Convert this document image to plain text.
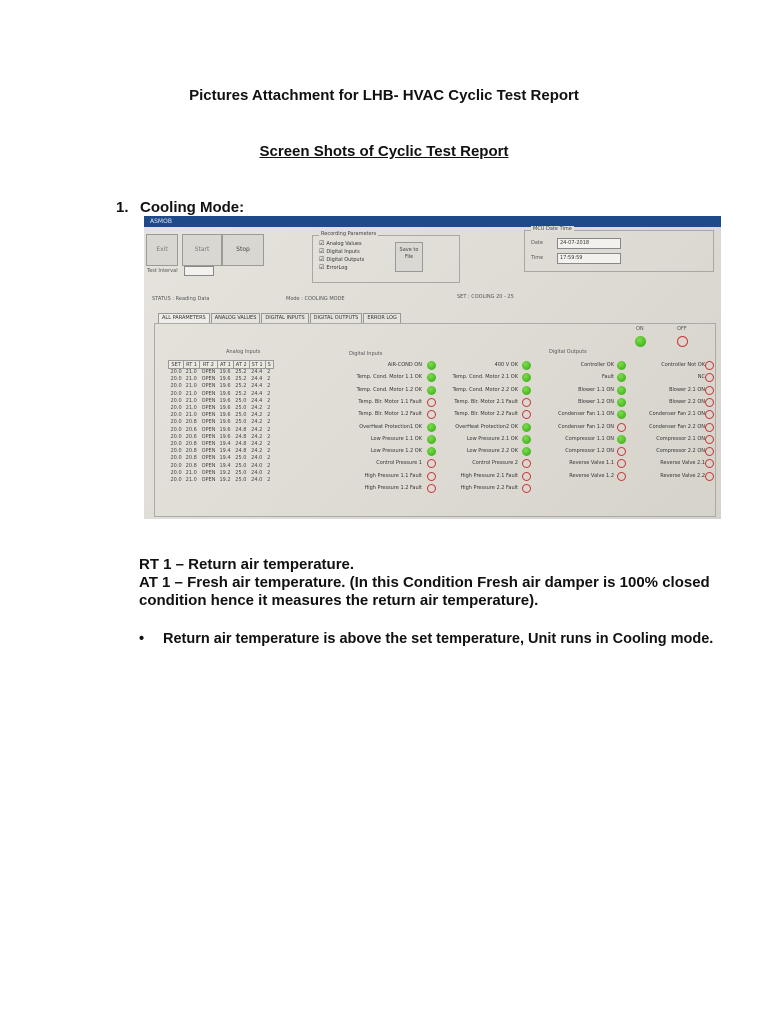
Pictures Attachment for LHB- HVAC Cyclic Test Report
Screen Shots of Cyclic Test Report
1. Cooling Mode:
ASMOB
Exit	Start	Stop
Test Interval
Recording Parameters
☑ Analog Values
☑ Digital Inputs
☑ Digital Outputs
☑ ErrorLog
Save to File
MCU Date Time
Date	24-07-2018
Time	17:59:59
STATUS : Reading Data	Mode : COOLING MODE	SET : COOLING 20 - 25
ALL PARAMETERS	ANALOG VALUES	DIGITAL INPUTS	DIGITAL OUTPUTS	ERROR LOG
ON	OFF
Analog Inputs
SET	RT 1	RT 2	AT 1	AT 2	ST 1	S
20.0	21.0	OPEN	19.6	25.2	24.4	2
20.0	21.0	OPEN	19.6	25.2	24.4	2
20.0	21.0	OPEN	19.6	25.2	24.4	2
20.0	21.0	OPEN	19.6	25.2	24.4	2
20.0	21.0	OPEN	19.6	25.0	24.4	2
20.0	21.0	OPEN	19.6	25.0	24.2	2
20.0	21.0	OPEN	19.6	25.0	24.2	2
20.0	20.8	OPEN	19.6	25.0	24.2	2
20.0	20.6	OPEN	19.6	24.8	24.2	2
20.0	20.6	OPEN	19.6	24.8	24.2	2
20.0	20.8	OPEN	19.4	24.8	24.2	2
20.0	20.8	OPEN	19.4	24.8	24.2	2
20.0	20.8	OPEN	19.4	25.0	24.0	2
20.0	20.8	OPEN	19.4	25.0	24.0	2
20.0	21.0	OPEN	19.2	25.0	24.0	2
20.0	21.0	OPEN	19.2	25.0	24.0	2
Digital Inputs
AIR-COND ON
Temp. Cond. Motor 1.1 OK
Temp. Cond. Motor 1.2 OK
Temp. Blr. Motor 1.1 Fault
Temp. Blr. Motor 1.2 Fault
OverHeat Protection1 OK
Low Pressure 1.1 OK
Low Pressure 1.2 OK
Control Pressure 1
High Pressure 1.1 Fault
High Pressure 1.2 Fault
400 V OK
Temp. Cond. Motor 2.1 OK
Temp. Cond. Motor 2.2 OK
Temp. Blr. Motor 2.1 Fault
Temp. Blr. Motor 2.2 Fault
OverHeat Protection2 OK
Low Pressure 2.1 OK
Low Pressure 2.2 OK
Control Pressure 2
High Pressure 2.1 Fault
High Pressure 2.2 Fault
Digital Outputs
Controller OK
Fault
Blower 1.1 ON
Blower 1.2 ON
Condenser Fan 1.1 ON
Condenser Fan 1.2 ON
Compressor 1.1 ON
Compressor 1.2 ON
Reverse Valve 1.1
Reverse Valve 1.2
Controller Not OK
NC
Blower 2.1 ON
Blower 2.2 ON
Condenser Fan 2.1 ON
Condenser Fan 2.2 ON
Compressor 2.1 ON
Compressor 2.2 ON
Reverse Valve 2.1
Reverse Valve 2.2
RT 1 – Return air temperature.
AT 1 – Fresh air temperature. (In this Condition Fresh air damper is 100% closed
condition hence it measures the return air temperature).
• Return air temperature is above the set temperature, Unit runs in Cooling mode.
